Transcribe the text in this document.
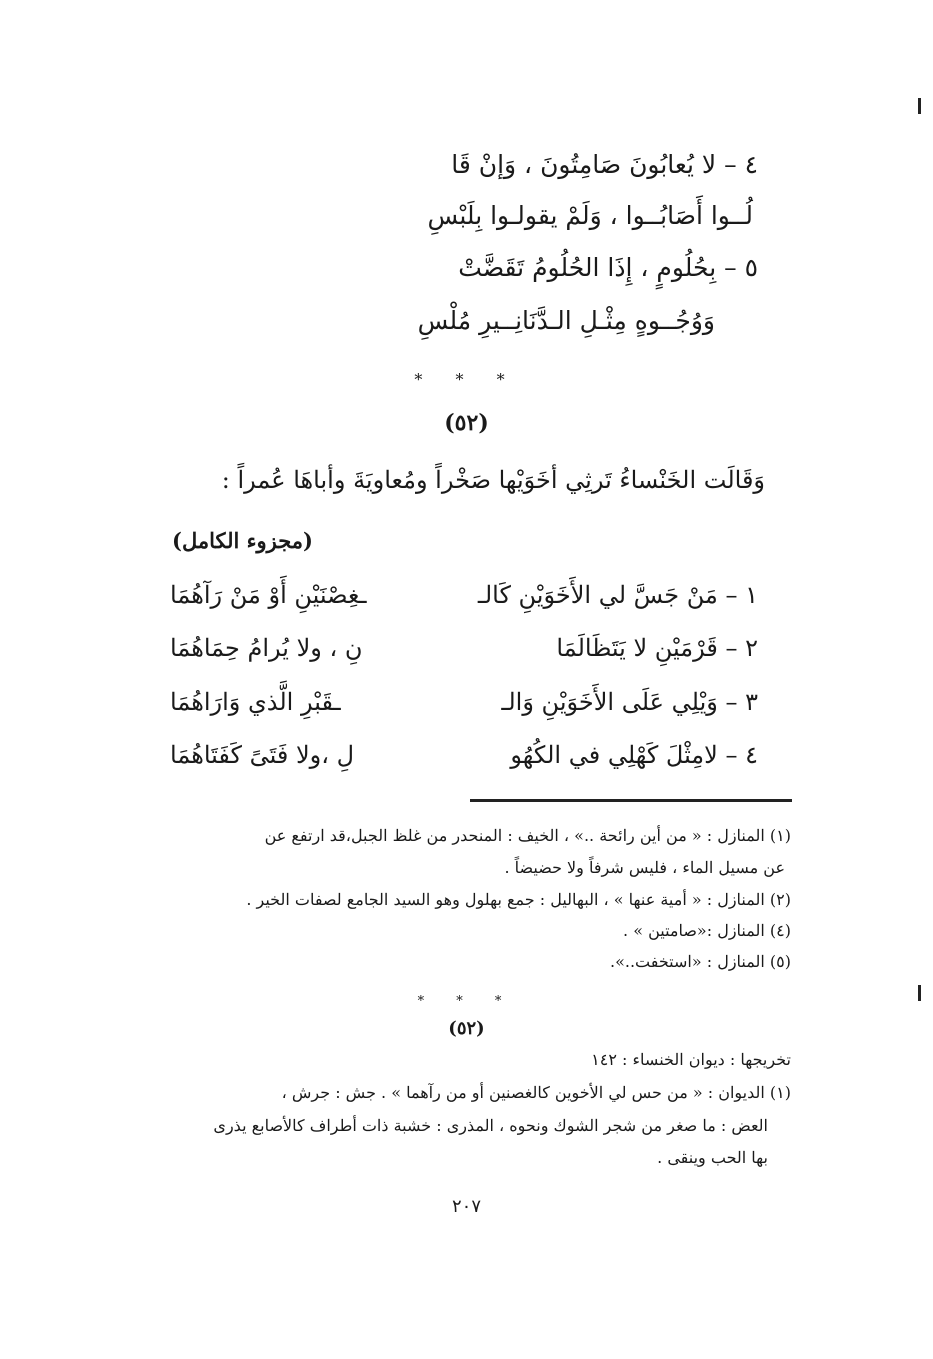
٤ – لا يُعابُونَ صَامِتُونَ ، وَإنْ قَا
لُــوا أَصَابُــوا ، وَلَمْ يقولـوا بِلَبْسِ
٥ – بِحُلُومٍ ، إِذَا الحُلُومُ تَقَضَّتْ
وَوُجُــوهٍ مِثْـلِ الـدَّنَانِــيرِ مُلْسِ
* * *
(٥٢)
وَقَالَت الخَنْساءُ تَرثِي أخَوَيْها صَخْراً ومُعاويَةَ وأباهَا عُمراً :
(مجزوء الكامل)
١ – مَنْ جَسَّ لي الأَخَوَيْنِ كَالـ
ـغِصْنَيْنِ أَوْ مَنْ رَآهُمَا
٢ – قَرْمَيْنِ لا يَتَظَالَمَا
نِ ، ولا يُرامُ حِمَاهُمَا
٣ – وَيْلِي عَلَى الأَخَوَيْنِ وَالـ
ـقَبْرِ الَّذي وَارَاهُمَا
٤ – لامِثْلَ كَهْلِي في الكُهُو
لِ ،ولا فَتَىً كَفَتَاهُمَا
(١) المنازل : « من أين رائحة ..» ، الخيف : المنحدر من غلظ الجبل،قد ارتفع عن
عن مسيل الماء ، فليس شرفاً ولا حضيضاً .
(٢) المنازل : « أمية عنها » ، البهاليل : جمع بهلول وهو السيد الجامع لصفات الخير .
(٤) المنازل :«صامتين » .
(٥) المنازل : «استخفت..».
* * *
(٥٢)
تخريجها : ديوان الخنساء : ١٤٢
(١) الديوان : « من حس لي الأخوين كالغصنين أو من رآهما » . جش : جرش ،
العض : ما صغر من شجر الشوك ونحوه ، المذرى : خشبة ذات أطراف كالأصابع يذرى
بها الحب وينقى .
٢٠٧
